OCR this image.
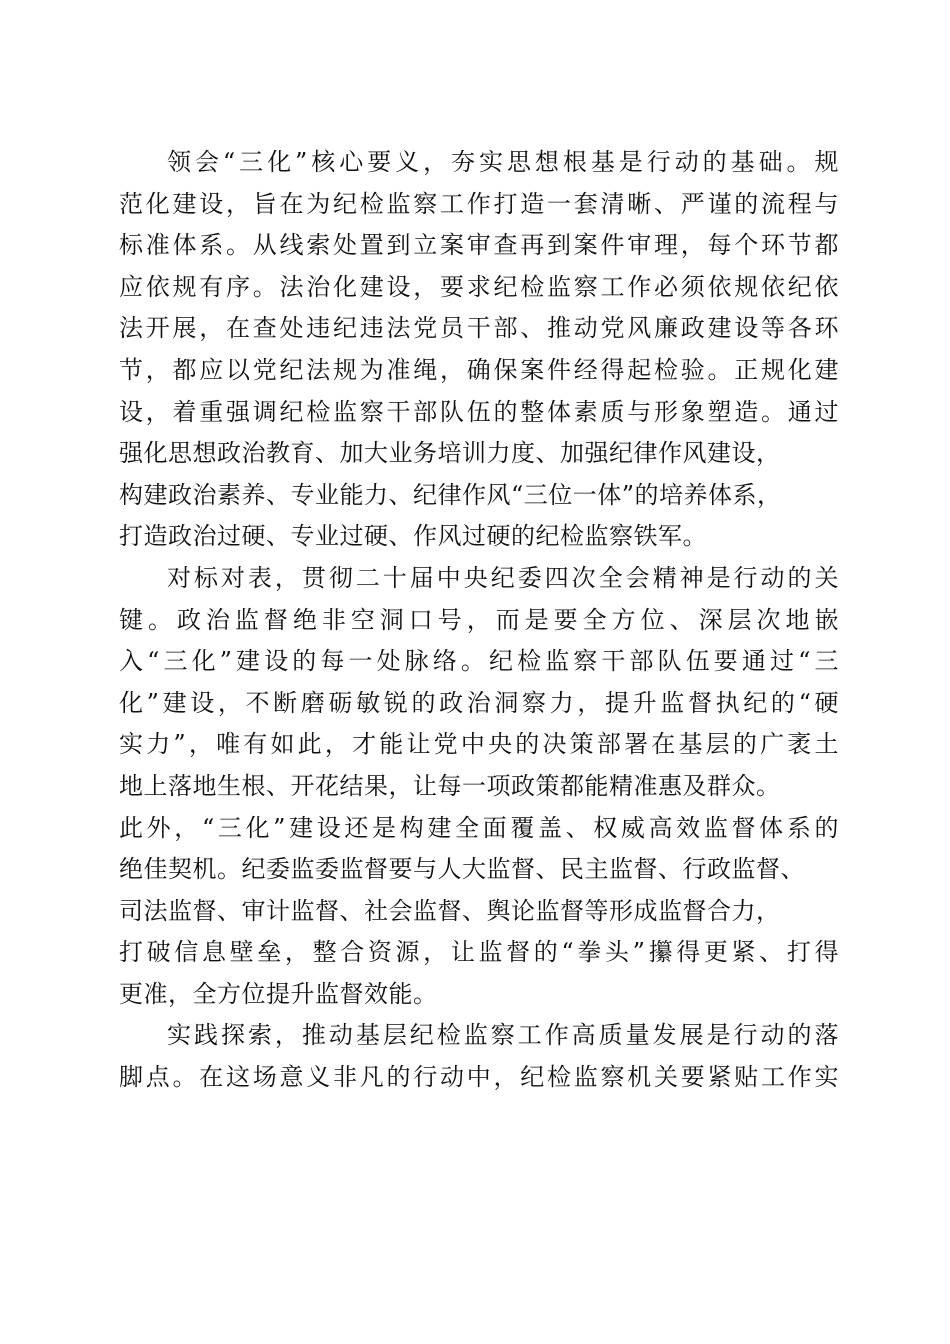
领会“三化”核心要义，夯实思想根基是行动的基础。规
范化建设，旨在为纪检监察工作打造一套清晰、严谨的流程与
标准体系。从线索处置到立案审查再到案件审理，每个环节都
应依规有序。法治化建设，要求纪检监察工作必须依规依纪依
法开展，在查处违纪违法党员干部、推动党风廉政建设等各环
节，都应以党纪法规为准绳，确保案件经得起检验。正规化建
设，着重强调纪检监察干部队伍的整体素质与形象塑造。通过
强化思想政治教育、加大业务培训力度、加强纪律作风建设，
构建政治素养、专业能力、纪律作风“三位一体”的培养体系，
打造政治过硬、专业过硬、作风过硬的纪检监察铁军。
对标对表，贯彻二十届中央纪委四次全会精神是行动的关
键。政治监督绝非空洞口号，而是要全方位、深层次地嵌
入“三化”建设的每一处脉络。纪检监察干部队伍要通过“三
化”建设，不断磨砺敏锐的政治洞察力，提升监督执纪的“硬
实力”，唯有如此，才能让党中央的决策部署在基层的广袤土
地上落地生根、开花结果，让每一项政策都能精准惠及群众。
此外，“三化”建设还是构建全面覆盖、权威高效监督体系的
绝佳契机。纪委监委监督要与人大监督、民主监督、行政监督、
司法监督、审计监督、社会监督、舆论监督等形成监督合力，
打破信息壁垒，整合资源，让监督的“拳头”攥得更紧、打得
更准，全方位提升监督效能。
实践探索，推动基层纪检监察工作高质量发展是行动的落
脚点。在这场意义非凡的行动中，纪检监察机关要紧贴工作实
